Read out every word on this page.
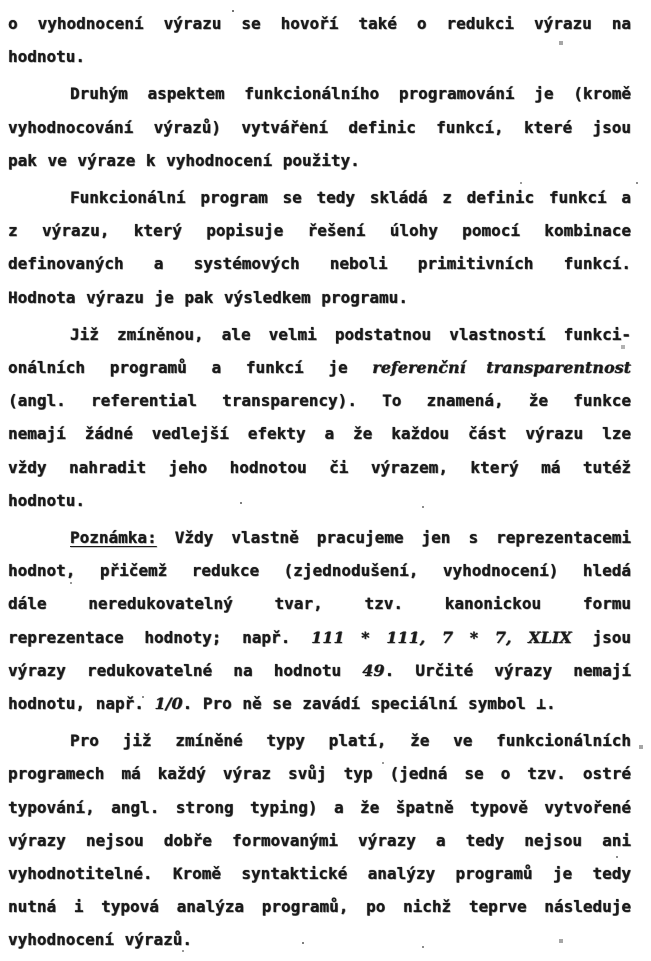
o vyhodnocení výrazu se hovoří také o redukci výrazu na
hodnotu.
Druhým aspektem funkcionálního programování je (kromě
vyhodnocování výrazů) vytváření definic funkcí, které jsou
pak ve výraze k vyhodnocení použity.
Funkcionální program se tedy skládá z definic funkcí a
z výrazu, který popisuje řešení úlohy pomocí kombinace
definovaných a systémových neboli primitivních funkcí.
Hodnota výrazu je pak výsledkem programu.
Již zmíněnou, ale velmi podstatnou vlastností funkci-
onálních programů a funkcí je referenční transparentnost
(angl. referential transparency). To znamená, že funkce
nemají žádné vedlejší efekty a že každou část výrazu lze
vždy nahradit jeho hodnotou či výrazem, který má tutéž
hodnotu.
Poznámka: Vždy vlastně pracujeme jen s reprezentacemi
hodnot, přičemž redukce (zjednodušení, vyhodnocení) hledá
dále neredukovatelný tvar, tzv. kanonickou formu
reprezentace hodnoty; např. 111 * 111, 7 * 7, XLIX jsou
výrazy redukovatelné na hodnotu 49. Určité výrazy nemají
hodnotu, např. 1/0. Pro ně se zavádí speciální symbol ⊥.
Pro již zmíněné typy platí, že ve funkcionálních
programech má každý výraz svůj typ (jedná se o tzv. ostré
typování, angl. strong typing) a že špatně typově vytvořené
výrazy nejsou dobře formovanými výrazy a tedy nejsou ani
vyhodnotitelné. Kromě syntaktické analýzy programů je tedy
nutná i typová analýza programů, po nichž teprve následuje
vyhodnocení výrazů.
